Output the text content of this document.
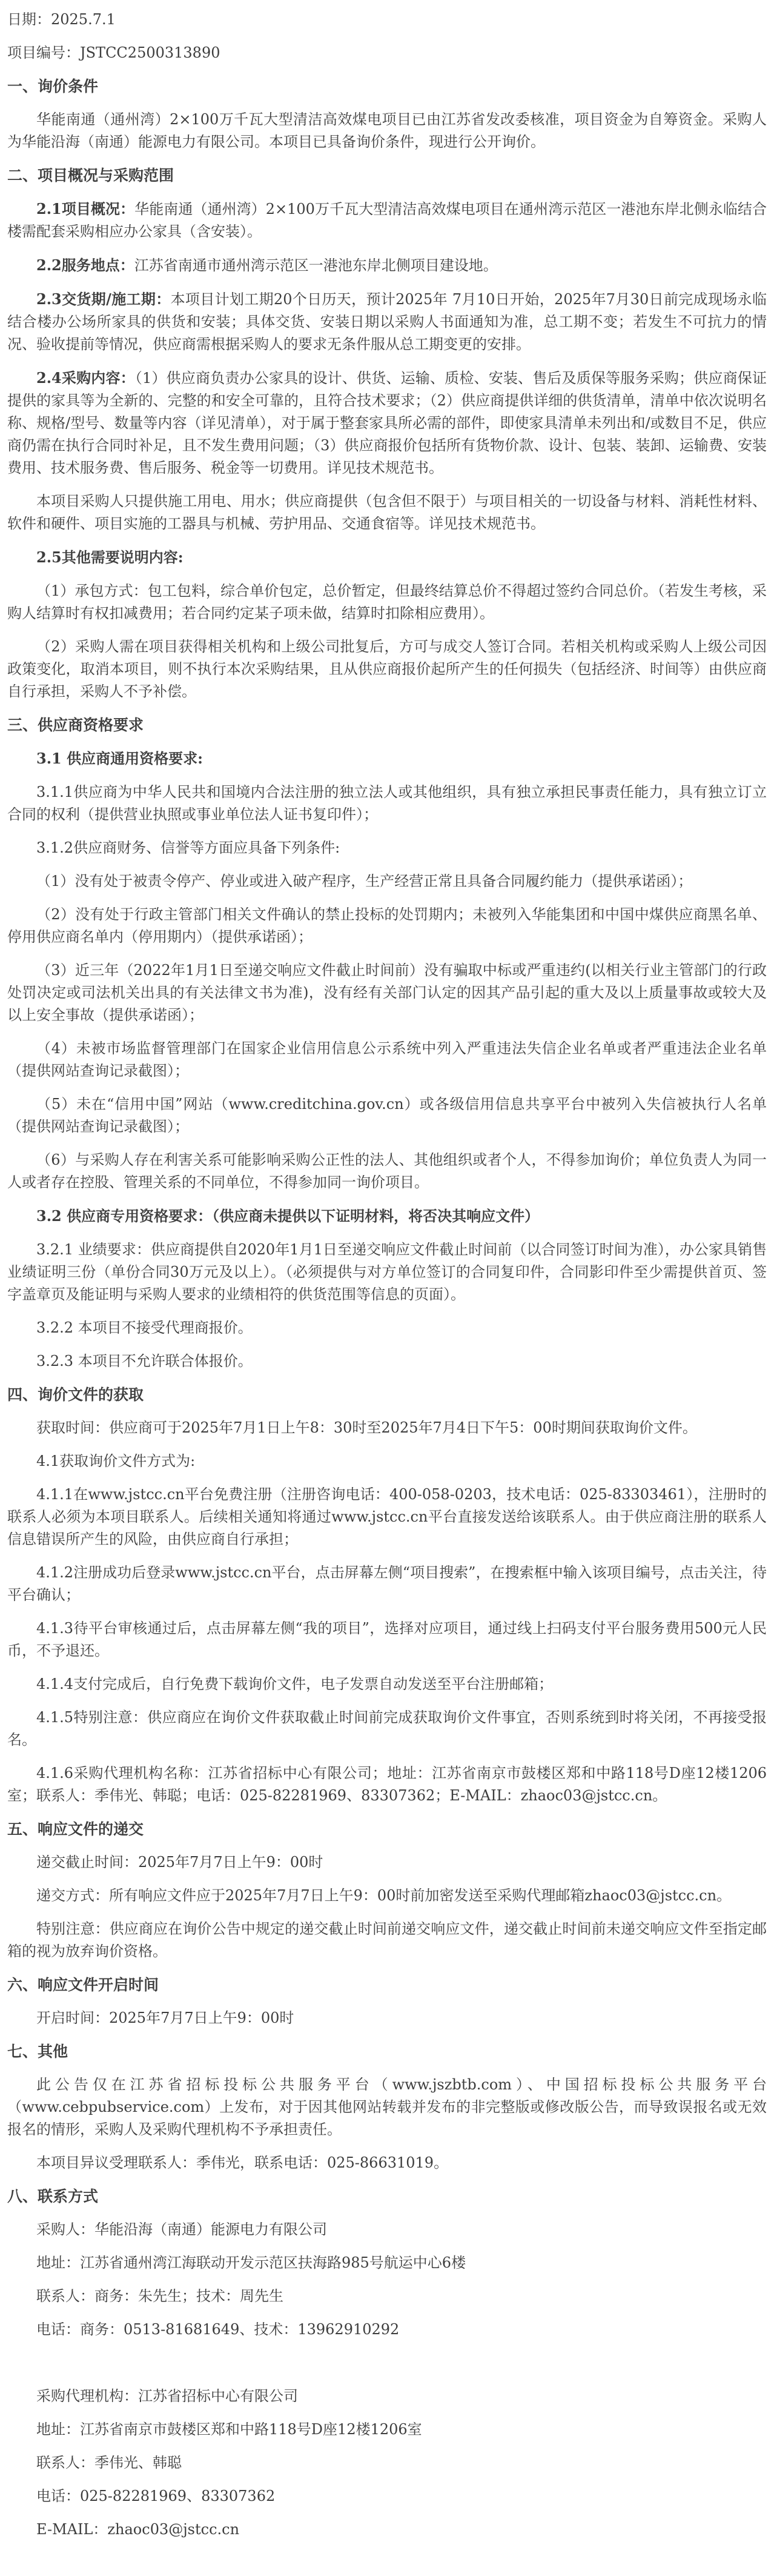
日期：2025.7.1

项目编号：JSTCC2500313890

一、询价条件

华能南通（通州湾）2×100万千瓦大型清洁高效煤电项目已由江苏省发改委核准，项目资金为自筹资金。采购人为华能沿海（南通）能源电力有限公司。本项目已具备询价条件，现进行公开询价。

二、项目概况与采购范围

2.1项目概况：华能南通（通州湾）2×100万千瓦大型清洁高效煤电项目在通州湾示范区一港池东岸北侧永临结合楼需配套采购相应办公家具（含安装）。

2.2服务地点：江苏省南通市通州湾示范区一港池东岸北侧项目建设地。

2.3交货期/施工期：本项目计划工期20个日历天，预计2025年 7月10日开始，2025年7月30日前完成现场永临结合楼办公场所家具的供货和安装；具体交货、安装日期以采购人书面通知为准，总工期不变；若发生不可抗力的情况、验收提前等情况，供应商需根据采购人的要求无条件服从总工期变更的安排。

2.4采购内容：（1）供应商负责办公家具的设计、供货、运输、质检、安装、售后及质保等服务采购；供应商保证提供的家具等为全新的、完整的和安全可靠的，且符合技术要求；（2）供应商提供详细的供货清单，清单中依次说明名称、规格/型号、数量等内容（详见清单），对于属于整套家具所必需的部件，即使家具清单未列出和/或数目不足，供应商仍需在执行合同时补足，且不发生费用问题；（3）供应商报价包括所有货物价款、设计、包装、装卸、运输费、安装费用、技术服务费、售后服务、税金等一切费用。详见技术规范书。

本项目采购人只提供施工用电、用水；供应商提供（包含但不限于）与项目相关的一切设备与材料、消耗性材料、软件和硬件、项目实施的工器具与机械、劳护用品、交通食宿等。详见技术规范书。

2.5其他需要说明内容:

（1）承包方式：包工包料，综合单价包定，总价暂定，但最终结算总价不得超过签约合同总价。（若发生考核，采购人结算时有权扣减费用；若合同约定某子项未做，结算时扣除相应费用）。

（2）采购人需在项目获得相关机构和上级公司批复后，方可与成交人签订合同。若相关机构或采购人上级公司因政策变化，取消本项目，则不执行本次采购结果，且从供应商报价起所产生的任何损失（包括经济、时间等）由供应商自行承担，采购人不予补偿。

三、供应商资格要求

3.1 供应商通用资格要求:

3.1.1供应商为中华人民共和国境内合法注册的独立法人或其他组织，具有独立承担民事责任能力，具有独立订立合同的权利（提供营业执照或事业单位法人证书复印件）；

3.1.2供应商财务、信誉等方面应具备下列条件:

（1）没有处于被责令停产、停业或进入破产程序，生产经营正常且具备合同履约能力（提供承诺函）；

（2）没有处于行政主管部门相关文件确认的禁止投标的处罚期内；未被列入华能集团和中国中煤供应商黑名单、停用供应商名单内（停用期内）（提供承诺函）；

（3）近三年（2022年1月1日至递交响应文件截止时间前）没有骗取中标或严重违约(以相关行业主管部门的行政处罚决定或司法机关出具的有关法律文书为准)，没有经有关部门认定的因其产品引起的重大及以上质量事故或较大及以上安全事故（提供承诺函）；

（4）未被市场监督管理部门在国家企业信用信息公示系统中列入严重违法失信企业名单或者严重违法企业名单（提供网站查询记录截图）；

（5）未在“信用中国”网站（www.creditchina.gov.cn）或各级信用信息共享平台中被列入失信被执行人名单（提供网站查询记录截图）；

（6）与采购人存在利害关系可能影响采购公正性的法人、其他组织或者个人，不得参加询价；单位负责人为同一人或者存在控股、管理关系的不同单位，不得参加同一询价项目。

3.2 供应商专用资格要求：（供应商未提供以下证明材料，将否决其响应文件）

3.2.1 业绩要求：供应商提供自2020年1月1日至递交响应文件截止时间前（以合同签订时间为准），办公家具销售业绩证明三份（单份合同30万元及以上）。（必须提供与对方单位签订的合同复印件，合同影印件至少需提供首页、签字盖章页及能证明与采购人要求的业绩相符的供货范围等信息的页面）。

3.2.2 本项目不接受代理商报价。

3.2.3 本项目不允许联合体报价。

四、询价文件的获取

获取时间：供应商可于2025年7月1日上午8：30时至2025年7月4日下午5：00时期间获取询价文件。

4.1获取询价文件方式为:

4.1.1在www.jstcc.cn平台免费注册（注册咨询电话：400-058-0203，技术电话：025-83303461），注册时的联系人必须为本项目联系人。后续相关通知将通过www.jstcc.cn平台直接发送给该联系人。由于供应商注册的联系人信息错误所产生的风险，由供应商自行承担；

4.1.2注册成功后登录www.jstcc.cn平台，点击屏幕左侧“项目搜索”，在搜索框中输入该项目编号，点击关注，待平台确认；

4.1.3待平台审核通过后，点击屏幕左侧“我的项目”，选择对应项目，通过线上扫码支付平台服务费用500元人民币，不予退还。

4.1.4支付完成后，自行免费下载询价文件，电子发票自动发送至平台注册邮箱；

4.1.5特别注意：供应商应在询价文件获取截止时间前完成获取询价文件事宜，否则系统到时将关闭，不再接受报名。

4.1.6采购代理机构名称：江苏省招标中心有限公司；地址：江苏省南京市鼓楼区郑和中路118号D座12楼1206室；联系人：季伟光、韩聪；电话：025-82281969、83307362；E-MAIL：zhaoc03@jstcc.cn。

五、响应文件的递交

递交截止时间：2025年7月7日上午9：00时

递交方式：所有响应文件应于2025年7月7日上午9：00时前加密发送至采购代理邮箱zhaoc03@jstcc.cn。

特别注意：供应商应在询价公告中规定的递交截止时间前递交响应文件，递交截止时间前未递交响应文件至指定邮箱的视为放弃询价资格。

六、响应文件开启时间

开启时间：2025年7月7日上午9：00时

七、其他

此公告仅在江苏省招标投标公共服务平台（www.jszbtb.com）、中国招标投标公共服务平台（www.cebpubservice.com）上发布，对于因其他网站转载并发布的非完整版或修改版公告，而导致误报名或无效报名的情形，采购人及采购代理机构不予承担责任。

本项目异议受理联系人：季伟光，联系电话：025-86631019。

八、联系方式

采购人：华能沿海（南通）能源电力有限公司

地址：江苏省通州湾江海联动开发示范区扶海路985号航运中心6楼

联系人：商务：朱先生；技术：周先生

电话：商务：0513-81681649、技术：13962910292

采购代理机构：江苏省招标中心有限公司

地址：江苏省南京市鼓楼区郑和中路118号D座12楼1206室

联系人：季伟光、韩聪

电话：025-82281969、83307362

E-MAIL：zhaoc03@jstcc.cn
